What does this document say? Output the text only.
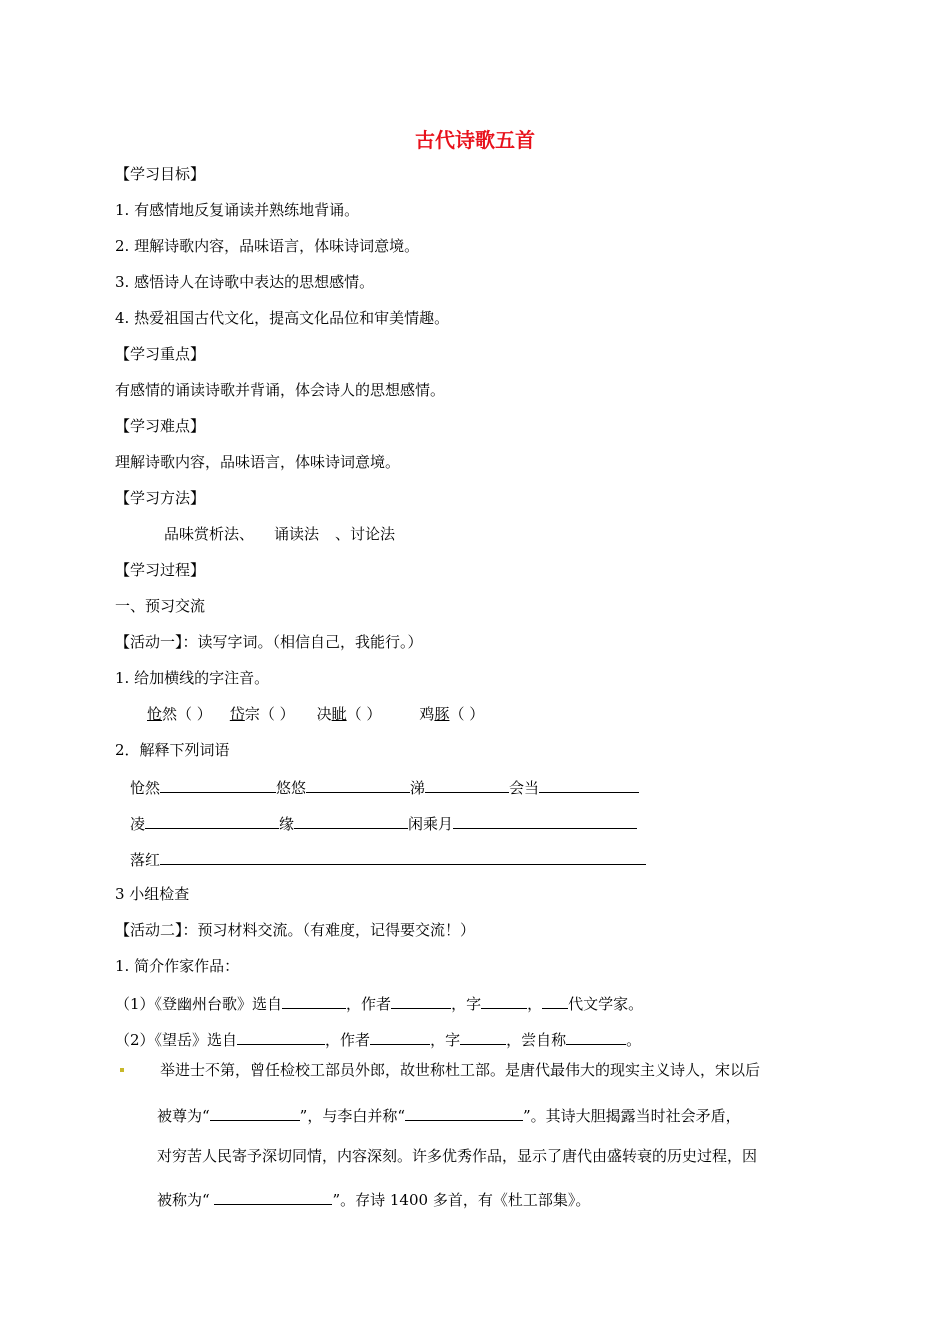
古代诗歌五首
【学习目标】
1. 有感情地反复诵读并熟练地背诵。
2. 理解诗歌内容，品味语言，体味诗词意境。
3. 感悟诗人在诗歌中表达的思想感情。
4. 热爱祖国古代文化，提高文化品位和审美情趣。
【学习重点】
有感情的诵读诗歌并背诵，体会诗人的思想感情。
【学习难点】
理解诗歌内容，品味语言，体味诗词意境。
【学习方法】
品味赏析法、 诵读法 、讨论法
【学习过程】
一、预习交流
【活动一】：读写字词。（相信自己，我能行。）
1. 给加横线的字注音。
怆然（ ） 岱宗（ ） 决眦（ ）	鸡豚（ ）
2．解释下列词语
怆然	悠悠	涕	会当
凌	缘	闲乘月
落红
3 小组检查
【活动二】：预习材料交流。（有难度，记得要交流！）
1. 简介作家作品：
（1）《登幽州台歌》选自	，作者	，字	， 代文学家。
（2）《望岳》选自	，作者	，字	，尝自称	。
举进士不第，曾任检校工部员外郎，故世称杜工部。是唐代最伟大的现实主义诗人，宋以后
被尊为“	”，与李白并称“	”。其诗大胆揭露当时社会矛盾，
对穷苦人民寄予深切同情，内容深刻。许多优秀作品，显示了唐代由盛转衰的历史过程，因
被称为“	”。存诗 1400 多首，有《杜工部集》。
